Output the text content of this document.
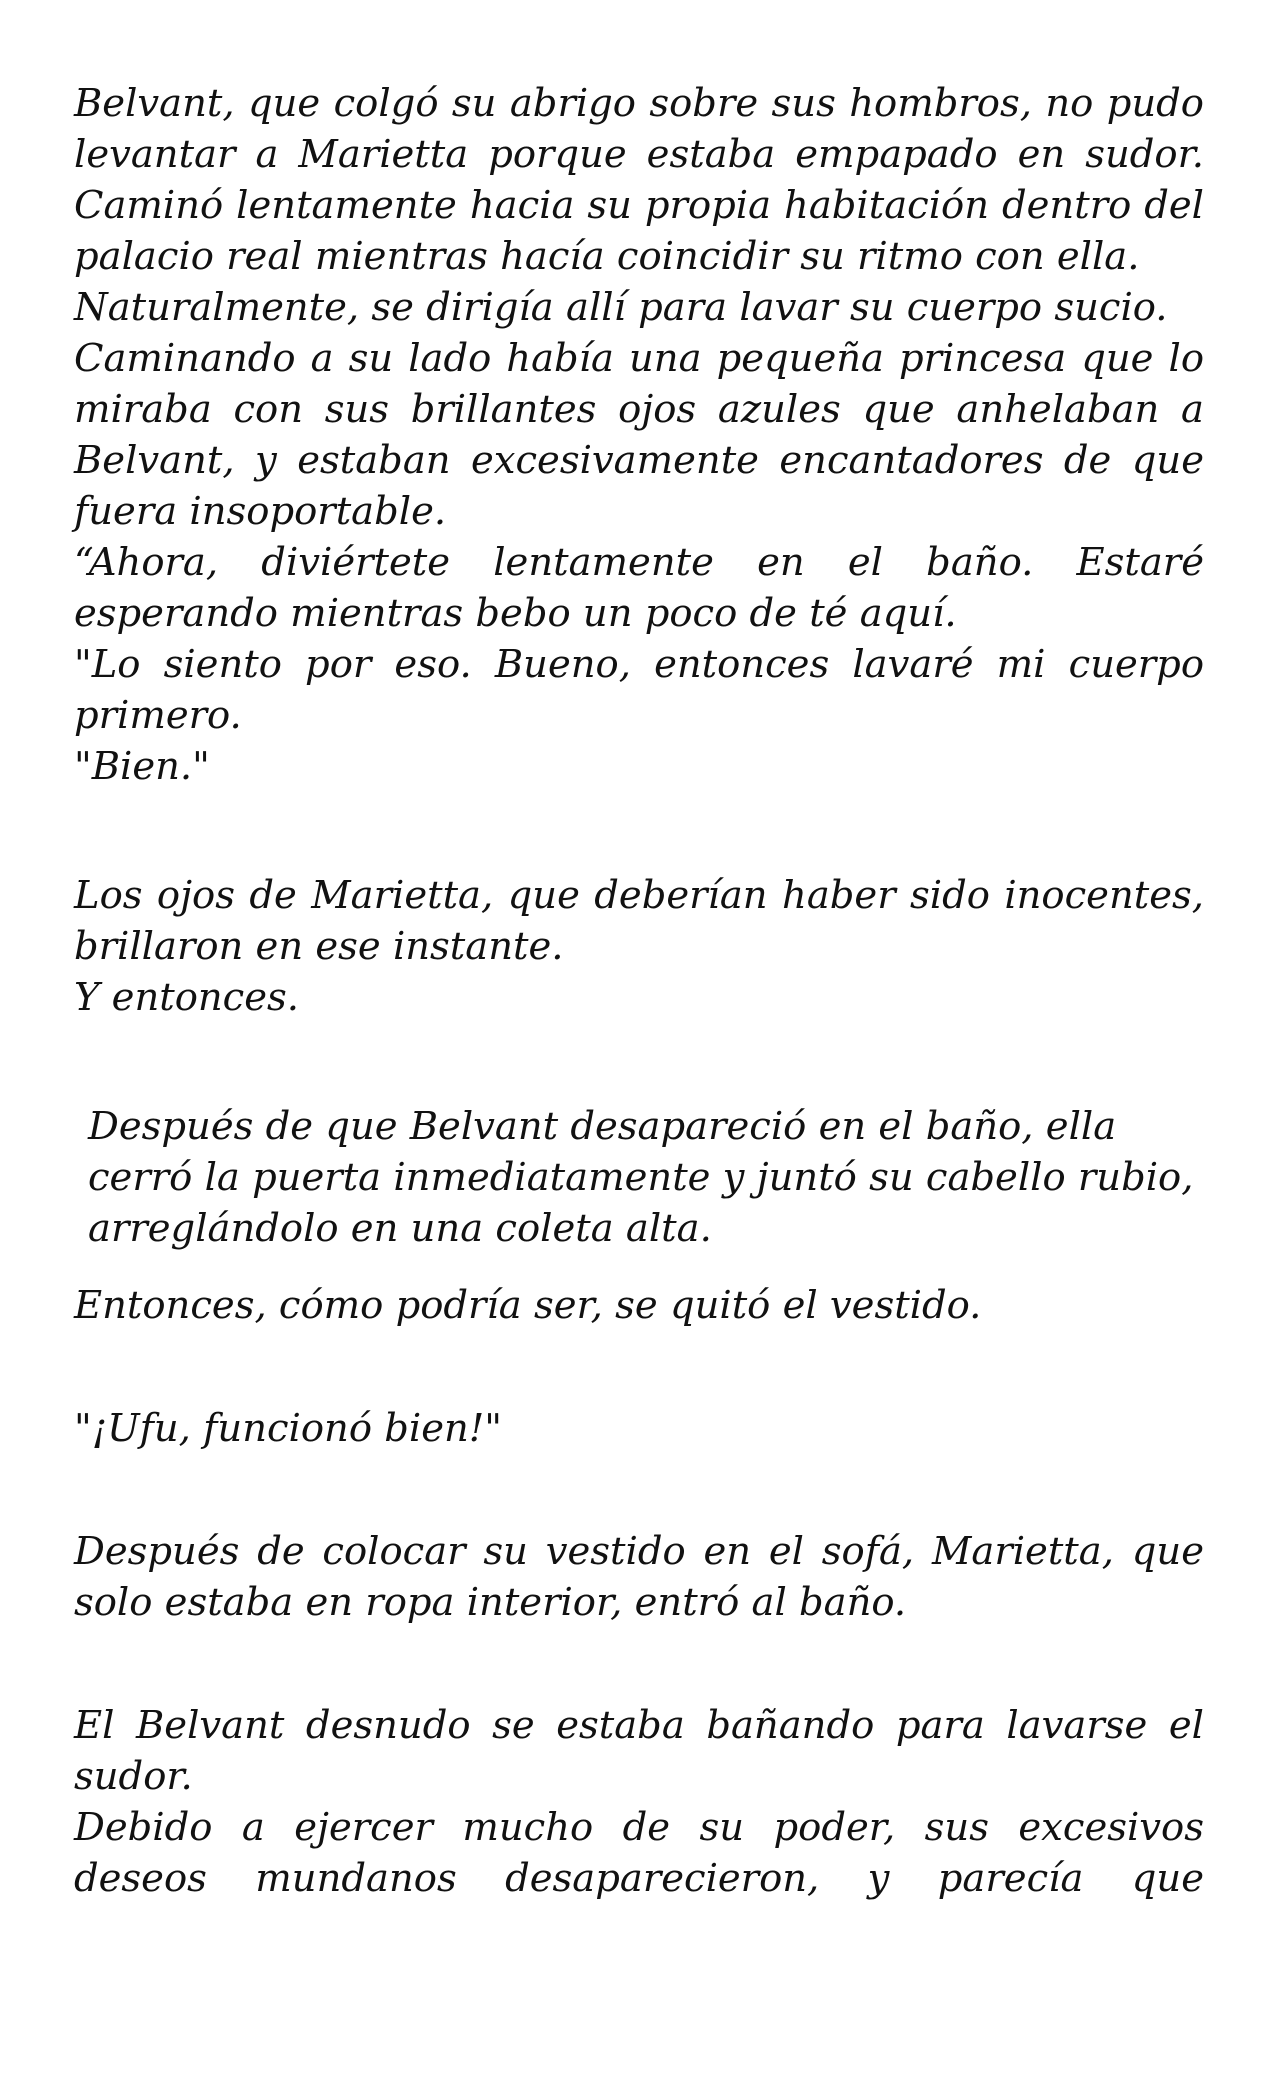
Belvant, que colgó su abrigo sobre sus hombros, no pudo levantar a Marietta porque estaba empapado en sudor. Caminó lentamente hacia su propia habitación dentro del palacio real mientras hacía coincidir su ritmo con ella.

Naturalmente, se dirigía allí para lavar su cuerpo sucio.

Caminando a su lado había una pequeña princesa que lo miraba con sus brillantes ojos azules que anhelaban a Belvant, y estaban excesivamente encantadores de que fuera insoportable.

“Ahora, diviértete lentamente en el baño. Estaré esperando mientras bebo un poco de té aquí.

"Lo siento por eso. Bueno, entonces lavaré mi cuerpo primero.

"Bien."

Los ojos de Marietta, que deberían haber sido inocentes, brillaron en ese instante.

Y entonces.

Después de que Belvant desapareció en el baño, ella cerró la puerta inmediatamente y juntó su cabello rubio, arreglándolo en una coleta alta.

Entonces, cómo podría ser, se quitó el vestido.

"¡Ufu, funcionó bien!"

Después de colocar su vestido en el sofá, Marietta, que solo estaba en ropa interior, entró al baño.

El Belvant desnudo se estaba bañando para lavarse el sudor.

Debido a ejercer mucho de su poder, sus excesivos deseos mundanos desaparecieron, y parecía que
